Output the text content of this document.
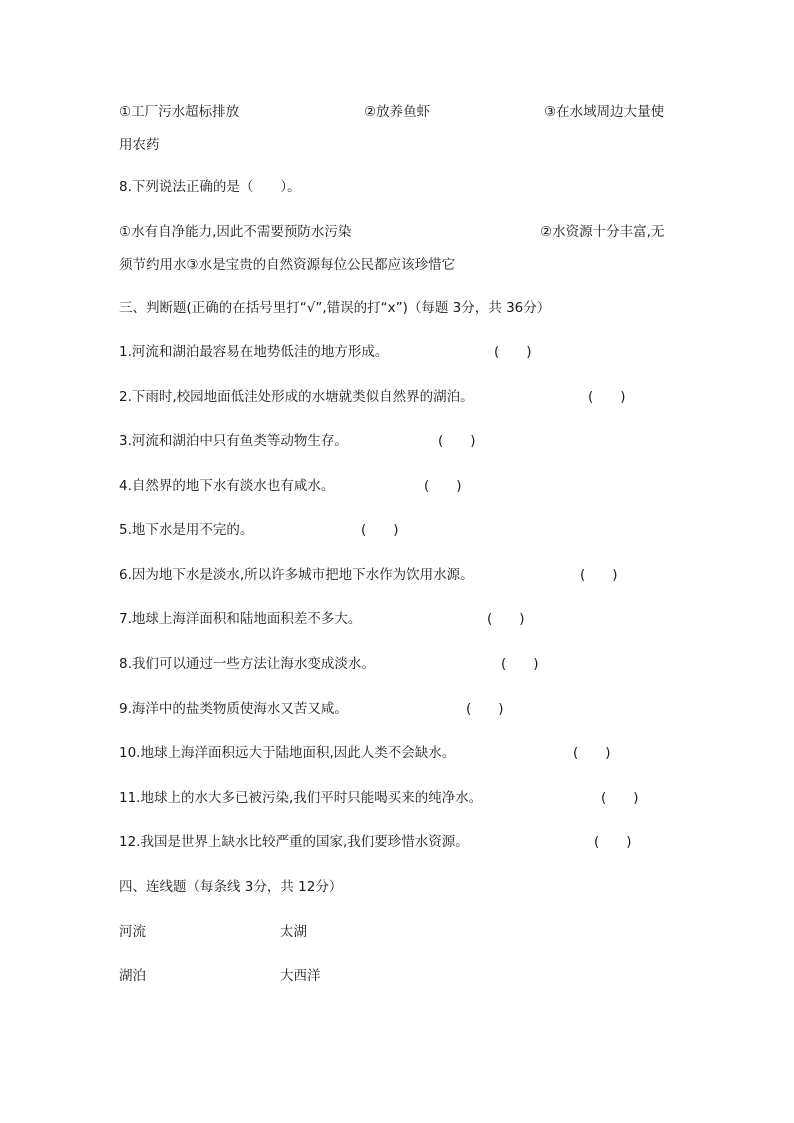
①工厂污水超标排放	②放养鱼虾	③在水域周边大量使
用农药
8.下列说法正确的是（　　）。
①水有自净能力,因此不需要预防水污染	②水资源十分丰富,无
须节约用水③水是宝贵的自然资源每位公民都应该珍惜它
三、判断题(正确的在括号里打“√”,错误的打“x”)（每题 3分，共 36分）
1.河流和湖泊最容易在地势低洼的地方形成。	(　　)
2.下雨时,校园地面低洼处形成的水塘就类似自然界的湖泊。	(　　)
3.河流和湖泊中只有鱼类等动物生存。	(　　)
4.自然界的地下水有淡水也有咸水。	(　　)
5.地下水是用不完的。	(　　)
6.因为地下水是淡水,所以许多城市把地下水作为饮用水源。	(　　)
7.地球上海洋面积和陆地面积差不多大。	(　　)
8.我们可以通过一些方法让海水变成淡水。	(　　)
9.海洋中的盐类物质使海水又苦又咸。	(　　)
10.地球上海洋面积远大于陆地面积,因此人类不会缺水。	(　　)
11.地球上的水大多已被污染,我们平时只能喝买来的纯净水。	(　　)
12.我国是世界上缺水比较严重的国家,我们要珍惜水资源。	(　　)
四、连线题（每条线 3分，共 12分）
河流	太湖
湖泊	大西洋
